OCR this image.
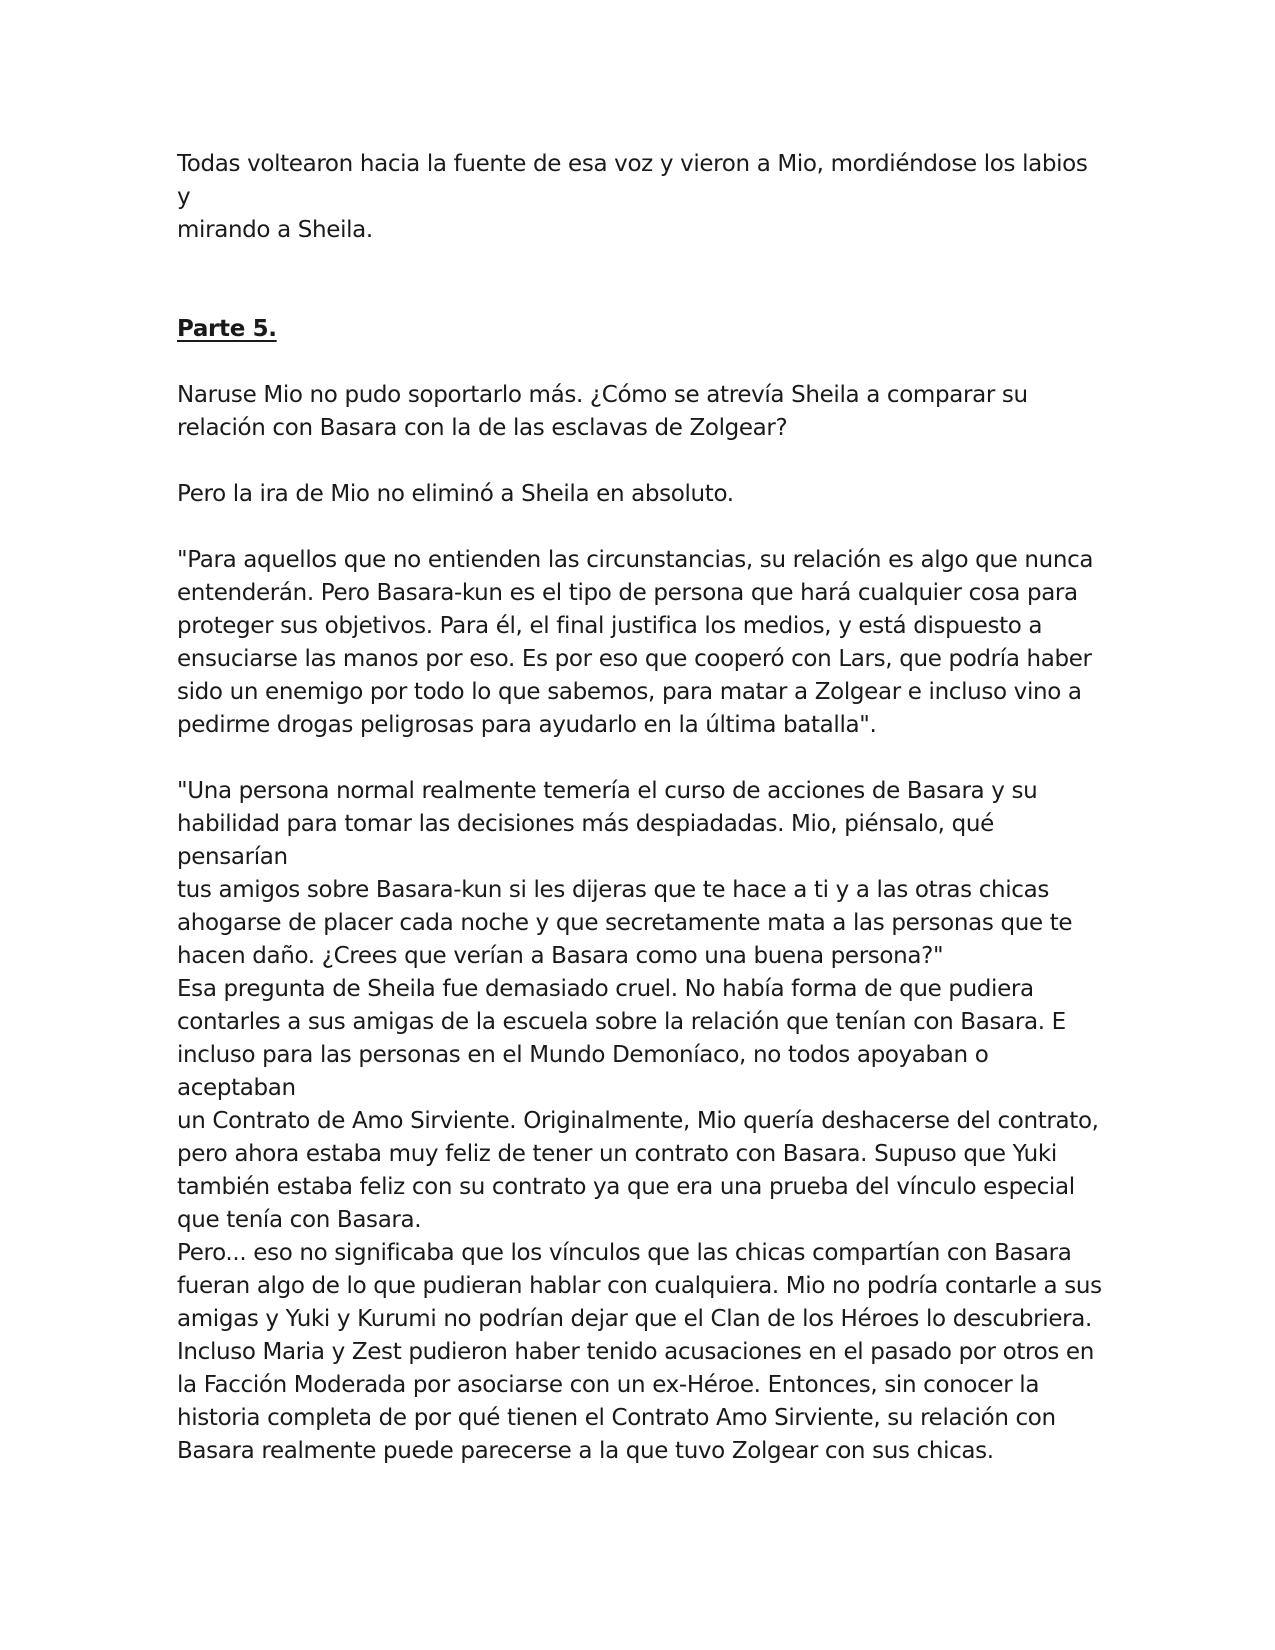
Todas voltearon hacia la fuente de esa voz y vieron a Mio, mordiéndose los labios y
mirando a Sheila.

Parte 5.

Naruse Mio no pudo soportarlo más. ¿Cómo se atrevía Sheila a comparar su
relación con Basara con la de las esclavas de Zolgear?

Pero la ira de Mio no eliminó a Sheila en absoluto.

"Para aquellos que no entienden las circunstancias, su relación es algo que nunca
entenderán. Pero Basara-kun es el tipo de persona que hará cualquier cosa para
proteger sus objetivos. Para él, el final justifica los medios, y está dispuesto a
ensuciarse las manos por eso. Es por eso que cooperó con Lars, que podría haber
sido un enemigo por todo lo que sabemos, para matar a Zolgear e incluso vino a
pedirme drogas peligrosas para ayudarlo en la última batalla".

"Una persona normal realmente temería el curso de acciones de Basara y su
habilidad para tomar las decisiones más despiadadas. Mio, piénsalo, qué pensarían
tus amigos sobre Basara-kun si les dijeras que te hace a ti y a las otras chicas
ahogarse de placer cada noche y que secretamente mata a las personas que te
hacen daño. ¿Crees que verían a Basara como una buena persona?"

Esa pregunta de Sheila fue demasiado cruel. No había forma de que pudiera
contarles a sus amigas de la escuela sobre la relación que tenían con Basara. E
incluso para las personas en el Mundo Demoníaco, no todos apoyaban o aceptaban
un Contrato de Amo Sirviente. Originalmente, Mio quería deshacerse del contrato,
pero ahora estaba muy feliz de tener un contrato con Basara. Supuso que Yuki
también estaba feliz con su contrato ya que era una prueba del vínculo especial
que tenía con Basara.

Pero... eso no significaba que los vínculos que las chicas compartían con Basara
fueran algo de lo que pudieran hablar con cualquiera. Mio no podría contarle a sus
amigas y Yuki y Kurumi no podrían dejar que el Clan de los Héroes lo descubriera.
Incluso Maria y Zest pudieron haber tenido acusaciones en el pasado por otros en
la Facción Moderada por asociarse con un ex-Héroe. Entonces, sin conocer la
historia completa de por qué tienen el Contrato Amo Sirviente, su relación con
Basara realmente puede parecerse a la que tuvo Zolgear con sus chicas.
